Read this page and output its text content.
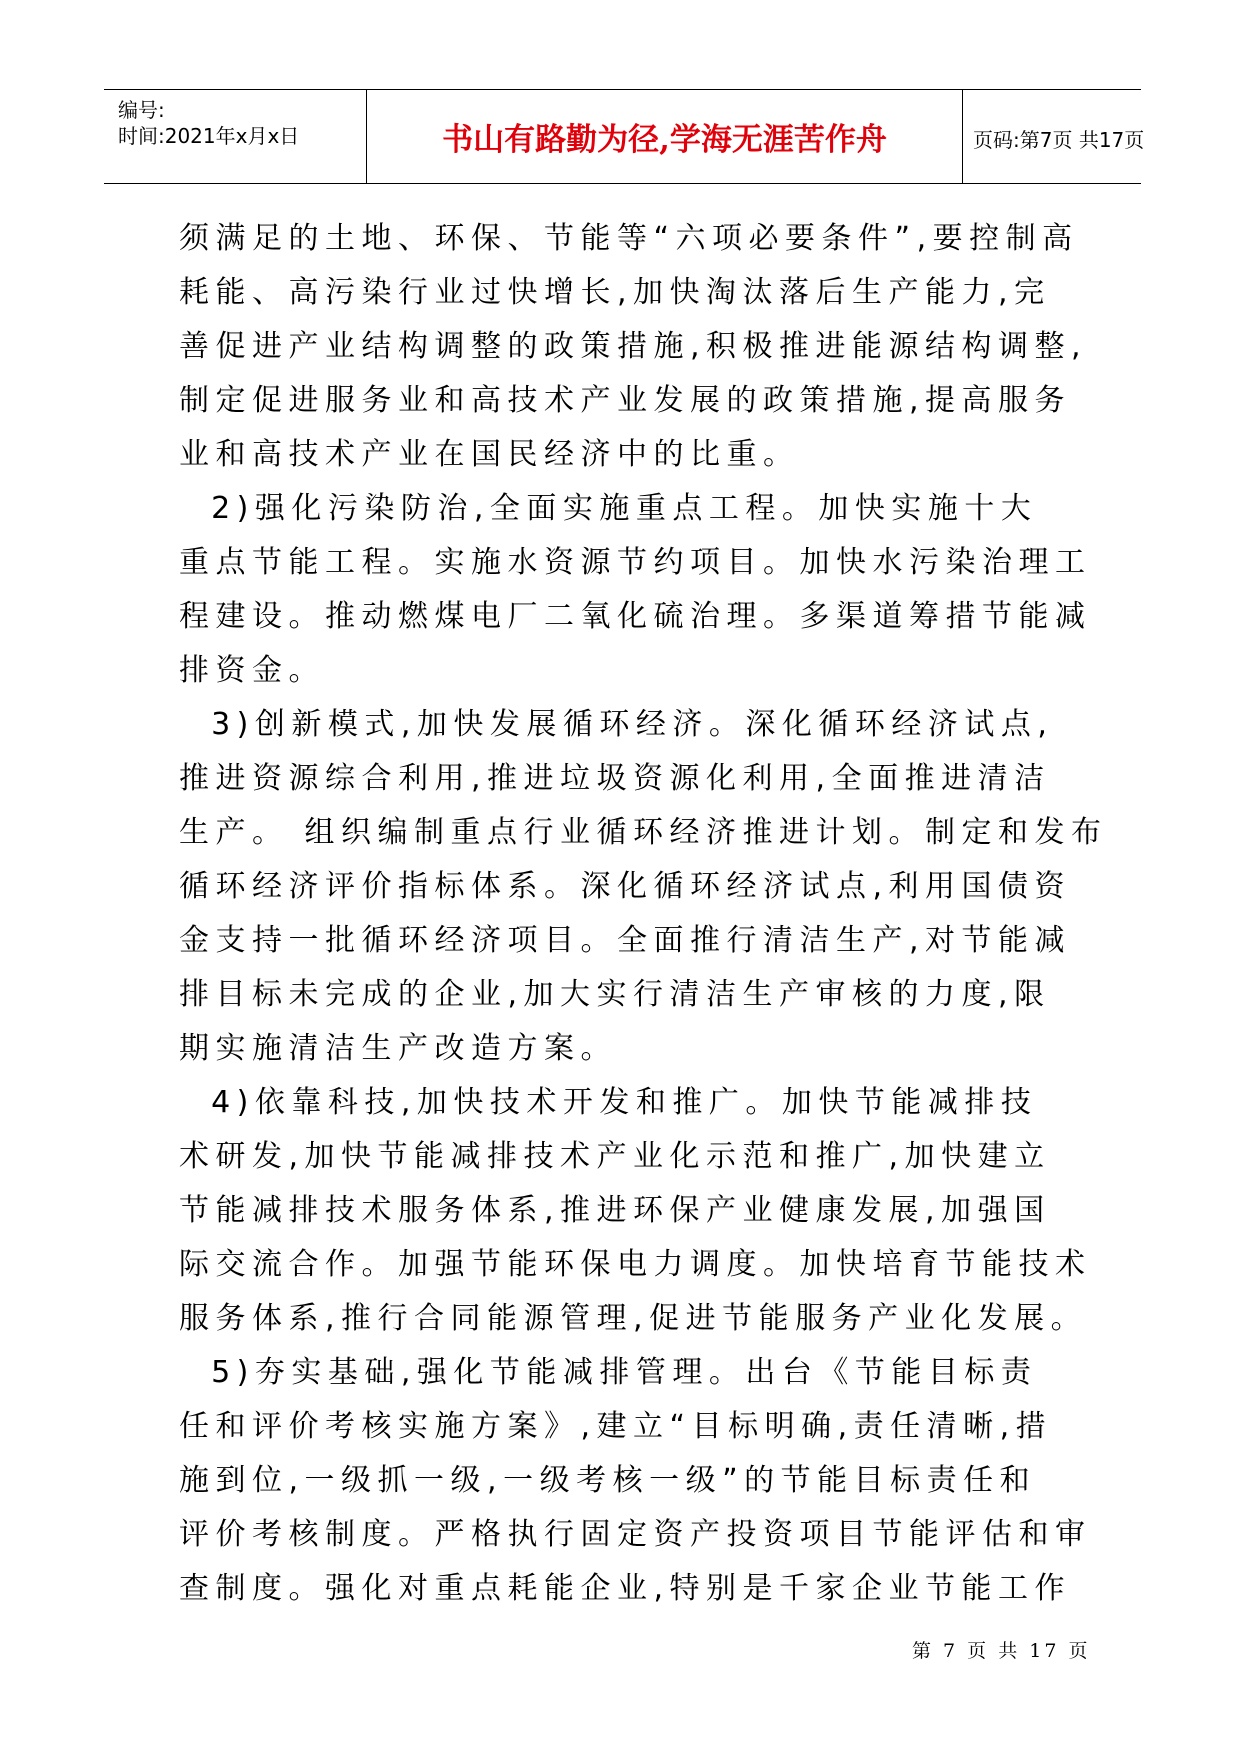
编号:
时间:2021年x月x日	书山有路勤为径,学海无涯苦作舟	页码:第7页 共17页
须满足的土地、环保、节能等“六项必要条件”,要控制高
耗能、高污染行业过快增长,加快淘汰落后生产能力,完
善促进产业结构调整的政策措施,积极推进能源结构调整,
制定促进服务业和高技术产业发展的政策措施,提高服务
业和高技术产业在国民经济中的比重。
2)强化污染防治,全面实施重点工程。加快实施十大
重点节能工程。实施水资源节约项目。加快水污染治理工
程建设。推动燃煤电厂二氧化硫治理。多渠道筹措节能减
排资金。
3)创新模式,加快发展循环经济。深化循环经济试点,
推进资源综合利用,推进垃圾资源化利用,全面推进清洁
生产。 组织编制重点行业循环经济推进计划。制定和发布
循环经济评价指标体系。深化循环经济试点,利用国债资
金支持一批循环经济项目。全面推行清洁生产,对节能减
排目标未完成的企业,加大实行清洁生产审核的力度,限
期实施清洁生产改造方案。
4)依靠科技,加快技术开发和推广。加快节能减排技
术研发,加快节能减排技术产业化示范和推广,加快建立
节能减排技术服务体系,推进环保产业健康发展,加强国
际交流合作。加强节能环保电力调度。加快培育节能技术
服务体系,推行合同能源管理,促进节能服务产业化发展。
5)夯实基础,强化节能减排管理。出台《节能目标责
任和评价考核实施方案》,建立“目标明确,责任清晰,措
施到位,一级抓一级,一级考核一级”的节能目标责任和
评价考核制度。严格执行固定资产投资项目节能评估和审
查制度。强化对重点耗能企业,特别是千家企业节能工作
第 7 页 共 17 页
